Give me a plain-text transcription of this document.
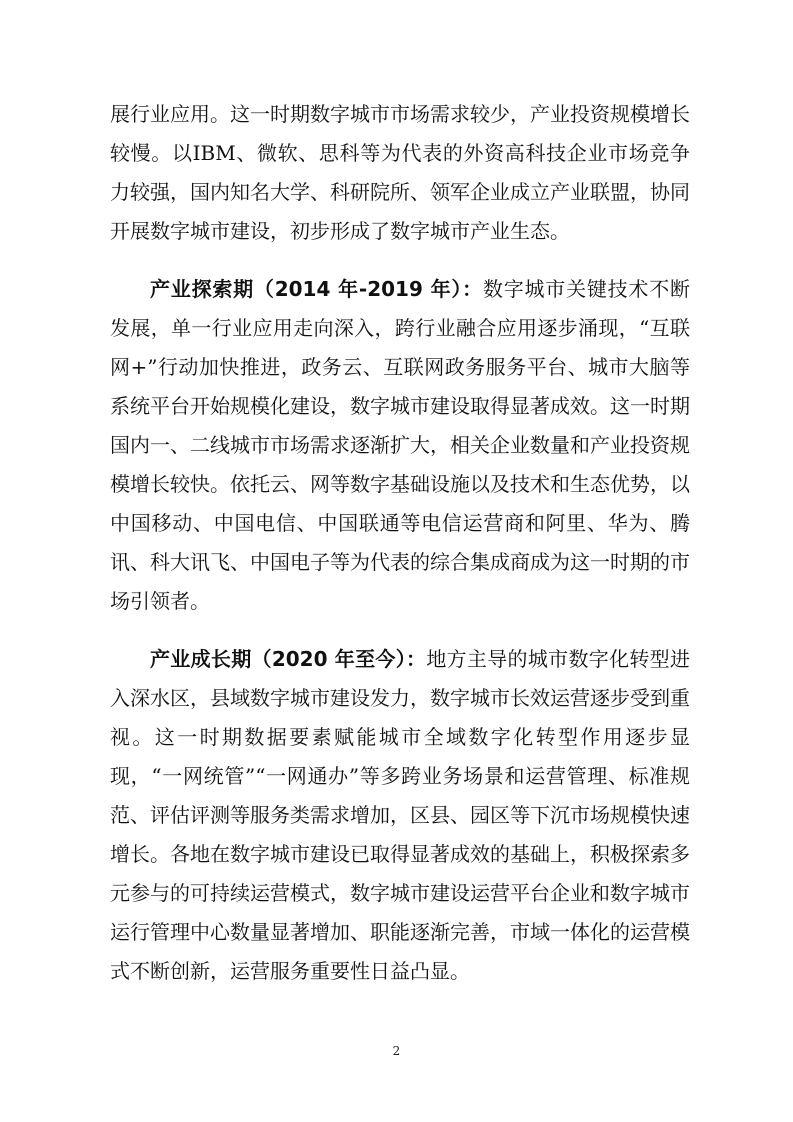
展行业应用。这一时期数字城市市场需求较少，产业投资规模增长较慢。以IBM、微软、思科等为代表的外资高科技企业市场竞争力较强，国内知名大学、科研院所、领军企业成立产业联盟，协同开展数字城市建设，初步形成了数字城市产业生态。

产业探索期（2014 年-2019 年）：数字城市关键技术不断发展，单一行业应用走向深入，跨行业融合应用逐步涌现，“互联网+”行动加快推进，政务云、互联网政务服务平台、城市大脑等系统平台开始规模化建设，数字城市建设取得显著成效。这一时期国内一、二线城市市场需求逐渐扩大，相关企业数量和产业投资规模增长较快。依托云、网等数字基础设施以及技术和生态优势，以中国移动、中国电信、中国联通等电信运营商和阿里、华为、腾讯、科大讯飞、中国电子等为代表的综合集成商成为这一时期的市场引领者。

产业成长期（2020 年至今）：地方主导的城市数字化转型进入深水区，县域数字城市建设发力，数字城市长效运营逐步受到重视。这一时期数据要素赋能城市全域数字化转型作用逐步显现，“一网统管”“一网通办”等多跨业务场景和运营管理、标准规范、评估评测等服务类需求增加，区县、园区等下沉市场规模快速增长。各地在数字城市建设已取得显著成效的基础上，积极探索多元参与的可持续运营模式，数字城市建设运营平台企业和数字城市运行管理中心数量显著增加、职能逐渐完善，市域一体化的运营模式不断创新，运营服务重要性日益凸显。

2
